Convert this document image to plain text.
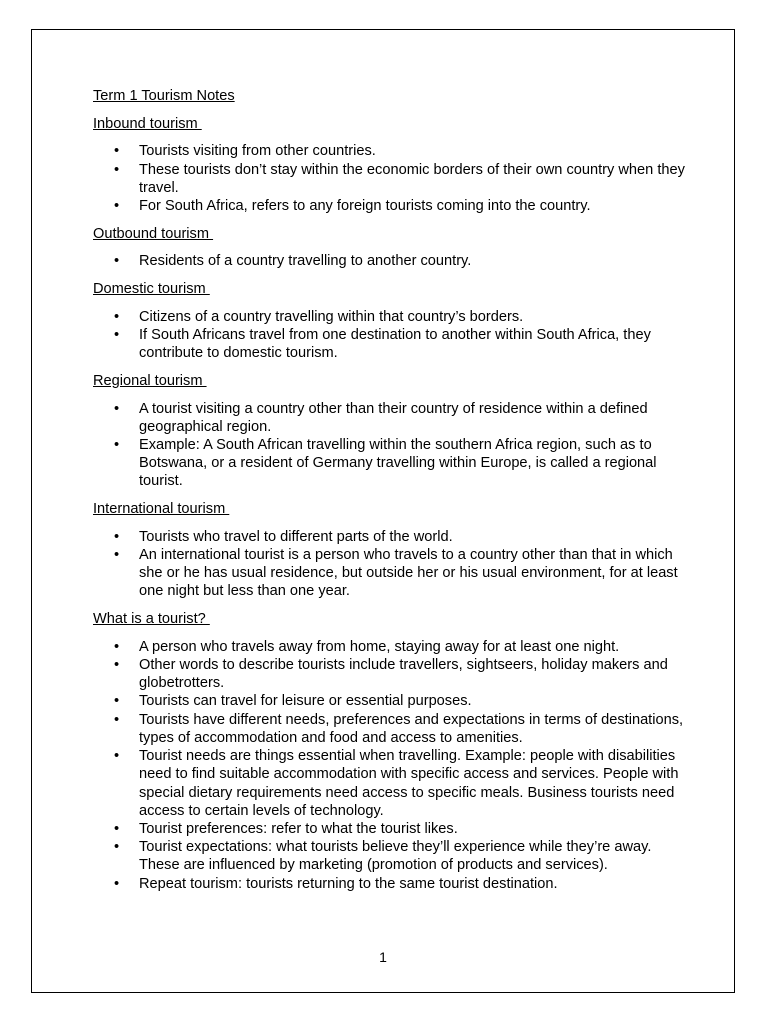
Term 1 Tourism Notes

Inbound tourism

• Tourists visiting from other countries.
• These tourists don’t stay within the economic borders of their own country when they travel.
• For South Africa, refers to any foreign tourists coming into the country.

Outbound tourism

• Residents of a country travelling to another country.

Domestic tourism

• Citizens of a country travelling within that country’s borders.
• If South Africans travel from one destination to another within South Africa, they contribute to domestic tourism.

Regional tourism

• A tourist visiting a country other than their country of residence within a defined geographical region.
• Example: A South African travelling within the southern Africa region, such as to Botswana, or a resident of Germany travelling within Europe, is called a regional tourist.

International tourism

• Tourists who travel to different parts of the world.
• An international tourist is a person who travels to a country other than that in which she or he has usual residence, but outside her or his usual environment, for at least one night but less than one year.

What is a tourist?

• A person who travels away from home, staying away for at least one night.
• Other words to describe tourists include travellers, sightseers, holiday makers and globetrotters.
• Tourists can travel for leisure or essential purposes.
• Tourists have different needs, preferences and expectations in terms of destinations, types of accommodation and food and access to amenities.
• Tourist needs are things essential when travelling. Example: people with disabilities need to find suitable accommodation with specific access and services. People with special dietary requirements need access to specific meals. Business tourists need access to certain levels of technology.
• Tourist preferences: refer to what the tourist likes.
• Tourist expectations: what tourists believe they’ll experience while they’re away. These are influenced by marketing (promotion of products and services).
• Repeat tourism: tourists returning to the same tourist destination.
1
